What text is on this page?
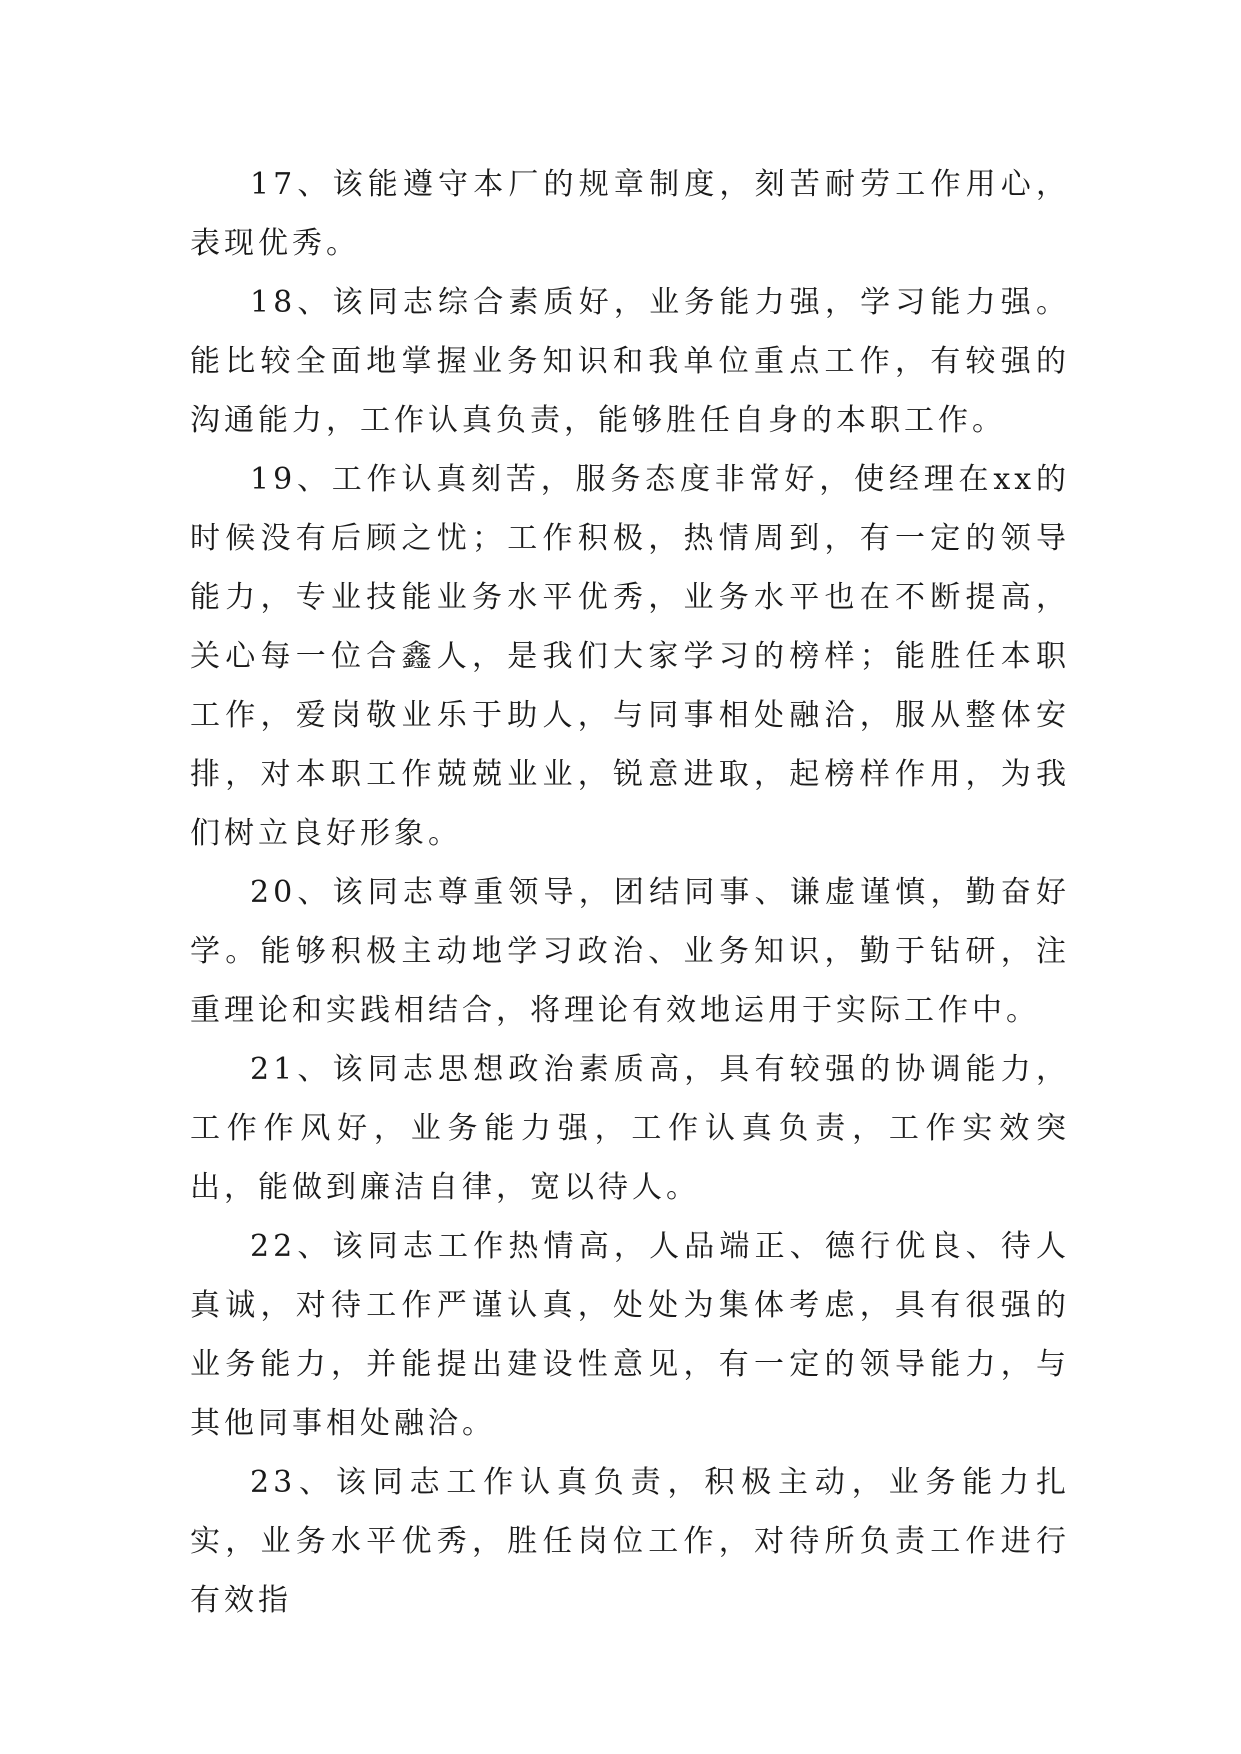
17、该能遵守本厂的规章制度，刻苦耐劳工作用心，表现优秀。

18、该同志综合素质好，业务能力强，学习能力强。能比较全面地掌握业务知识和我单位重点工作，有较强的沟通能力，工作认真负责，能够胜任自身的本职工作。

19、工作认真刻苦，服务态度非常好，使经理在xx的时候没有后顾之忧；工作积极，热情周到，有一定的领导能力，专业技能业务水平优秀，业务水平也在不断提高，关心每一位合鑫人，是我们大家学习的榜样；能胜任本职工作，爱岗敬业乐于助人，与同事相处融洽，服从整体安排，对本职工作兢兢业业，锐意进取，起榜样作用，为我们树立良好形象。

20、该同志尊重领导，团结同事、谦虚谨慎，勤奋好学。能够积极主动地学习政治、业务知识，勤于钻研，注重理论和实践相结合，将理论有效地运用于实际工作中。

21、该同志思想政治素质高，具有较强的协调能力，工作作风好，业务能力强，工作认真负责，工作实效突出，能做到廉洁自律，宽以待人。

22、该同志工作热情高，人品端正、德行优良、待人真诚，对待工作严谨认真，处处为集体考虑，具有很强的业务能力，并能提出建设性意见，有一定的领导能力，与其他同事相处融洽。

23、该同志工作认真负责，积极主动，业务能力扎实，业务水平优秀，胜任岗位工作，对待所负责工作进行有效指
